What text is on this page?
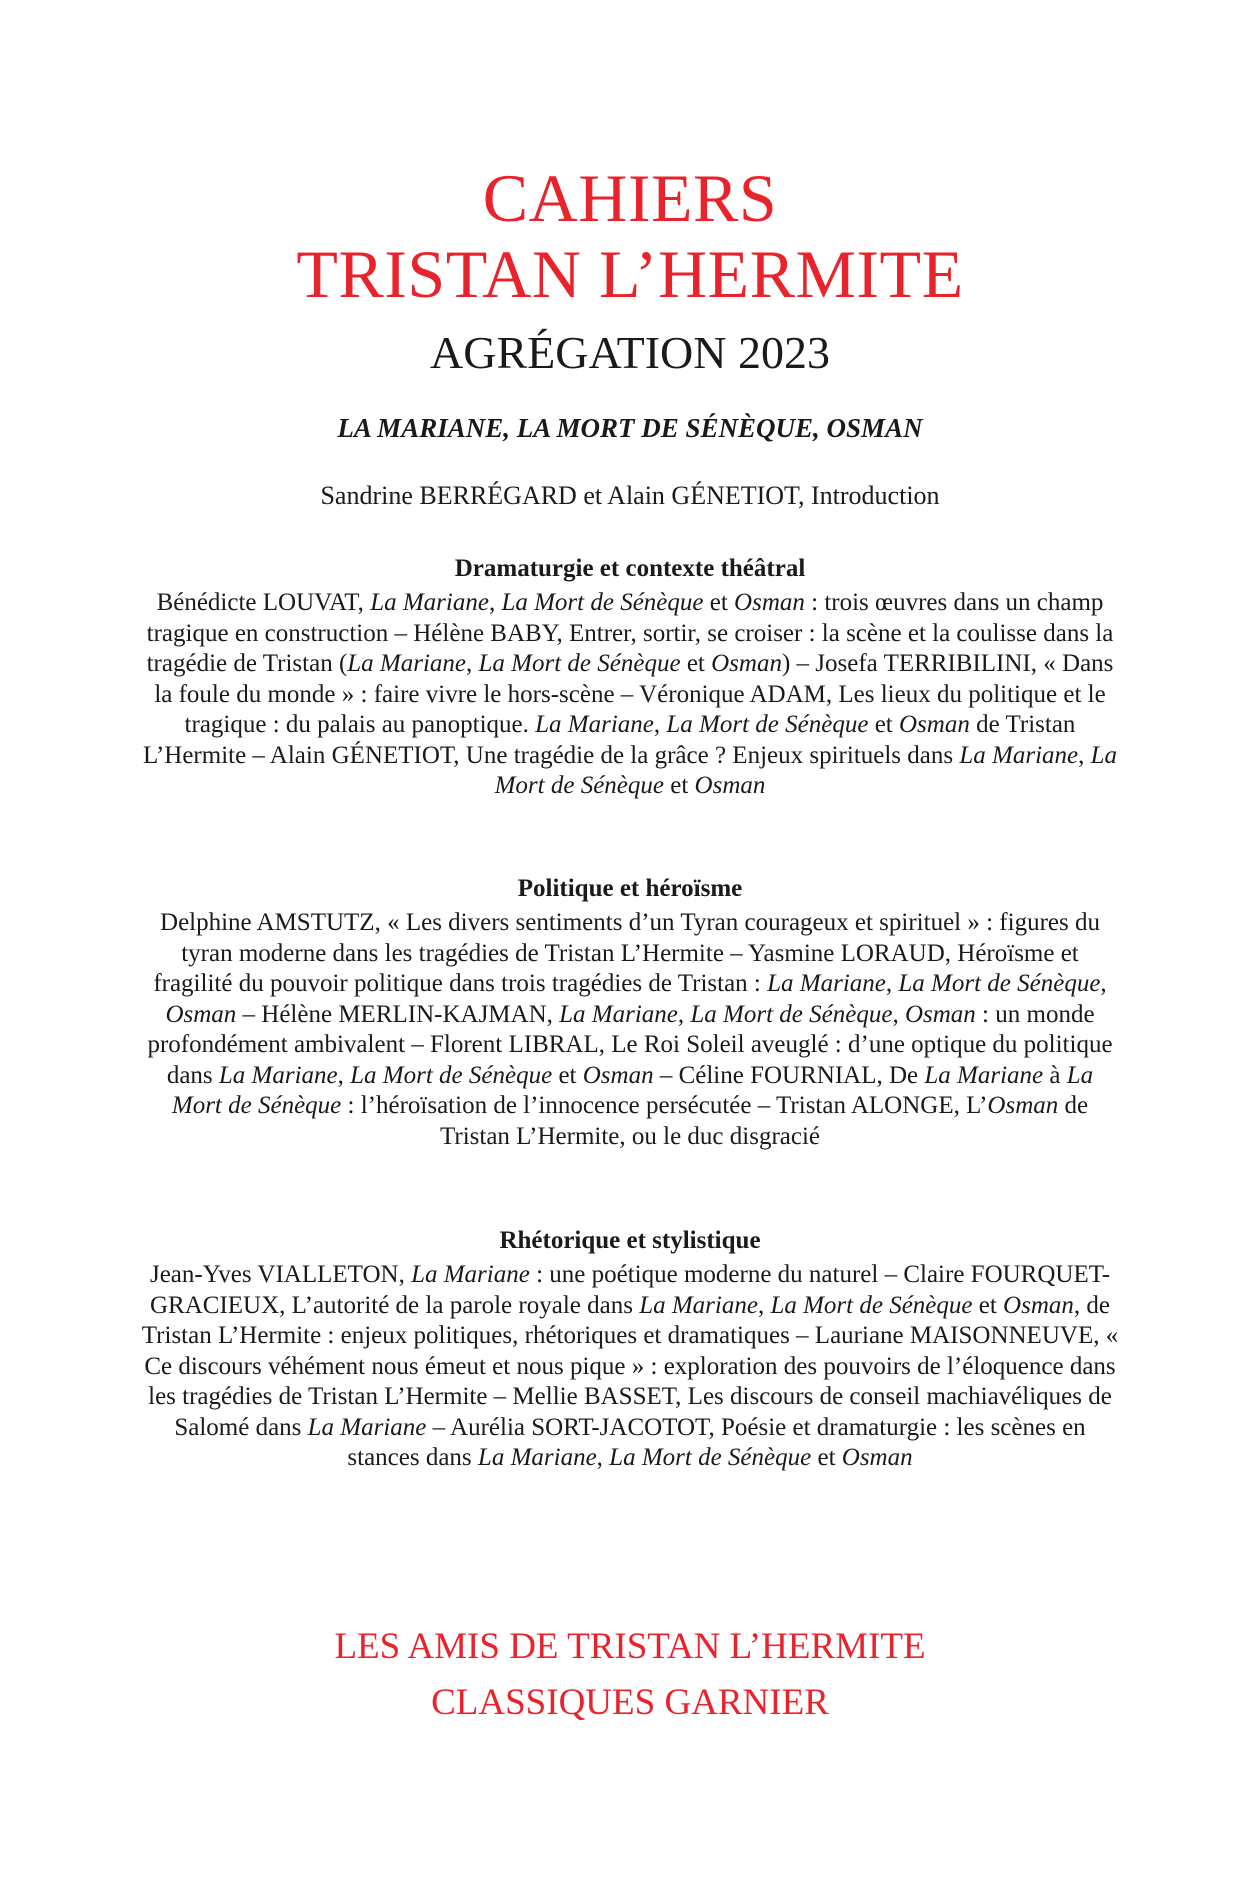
CAHIERS
TRISTAN L’HERMITE
AGRÉGATION 2023
LA MARIANE, LA MORT DE SÉNÈQUE, OSMAN
Sandrine BERRÉGARD et Alain GÉNETIOT, Introduction
Dramaturgie et contexte théâtral

Bénédicte LOUVAT, La Mariane, La Mort de Sénèque et Osman : trois œuvres dans un champ tragique en construction – Hélène BABY, Entrer, sortir, se croiser : la scène et la coulisse dans la tragédie de Tristan (La Mariane, La Mort de Sénèque et Osman) – Josefa TERRIBILINI, « Dans la foule du monde » : faire vivre le hors-scène – Véronique ADAM, Les lieux du politique et le tragique : du palais au panoptique. La Mariane, La Mort de Sénèque et Osman de Tristan L’Hermite – Alain GÉNETIOT, Une tragédie de la grâce ? Enjeux spirituels dans La Mariane, La Mort de Sénèque et Osman

Politique et héroïsme

Delphine AMSTUTZ, « Les divers sentiments d’un Tyran courageux et spirituel » : figures du tyran moderne dans les tragédies de Tristan L’Hermite – Yasmine LORAUD, Héroïsme et fragilité du pouvoir politique dans trois tragédies de Tristan : La Mariane, La Mort de Sénèque, Osman – Hélène MERLIN-KAJMAN, La Mariane, La Mort de Sénèque, Osman : un monde profondément ambivalent – Florent LIBRAL, Le Roi Soleil aveuglé : d’une optique du politique dans La Mariane, La Mort de Sénèque et Osman – Céline FOURNIAL, De La Mariane à La Mort de Sénèque : l’héroïsation de l’innocence persécutée – Tristan ALONGE, L’Osman de Tristan L’Hermite, ou le duc disgracié

Rhétorique et stylistique

Jean-Yves VIALLETON, La Mariane : une poétique moderne du naturel – Claire FOURQUET-GRACIEUX, L’autorité de la parole royale dans La Mariane, La Mort de Sénèque et Osman, de Tristan L’Hermite : enjeux politiques, rhétoriques et dramatiques – Lauriane MAISONNEUVE, « Ce discours véhément nous émeut et nous pique » : exploration des pouvoirs de l’éloquence dans les tragédies de Tristan L’Hermite – Mellie BASSET, Les discours de conseil machiavéliques de Salomé dans La Mariane – Aurélia SORT-JACOTOT, Poésie et dramaturgie : les scènes en stances dans La Mariane, La Mort de Sénèque et Osman

LES AMIS DE TRISTAN L’HERMITE
CLASSIQUES GARNIER
